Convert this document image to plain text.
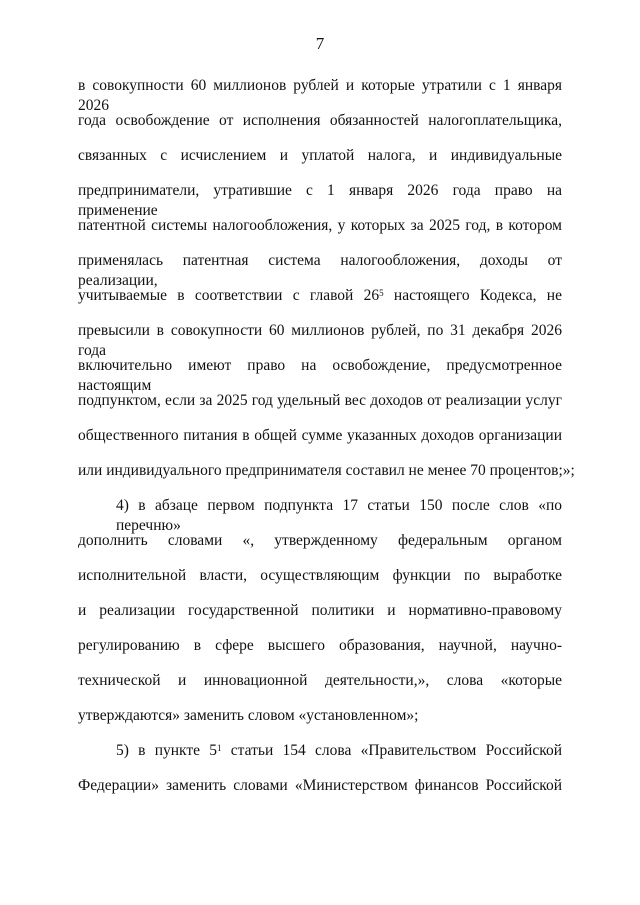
7
в совокупности 60 миллионов рублей и которые утратили с 1 января 2026
года освобождение от исполнения обязанностей налогоплательщика,
связанных с исчислением и уплатой налога, и индивидуальные
предприниматели, утратившие с 1 января 2026 года право на применение
патентной системы налогообложения, у которых за 2025 год, в котором
применялась патентная система налогообложения, доходы от реализации,
учитываемые в соответствии с главой $26^5$ настоящего Кодекса, не
превысили в совокупности 60 миллионов рублей, по 31 декабря 2026 года
включительно имеют право на освобождение, предусмотренное настоящим
подпунктом, если за 2025 год удельный вес доходов от реализации услуг
общественного питания в общей сумме указанных доходов организации
или индивидуального предпринимателя составил не менее 70 процентов;»;
4) в абзаце первом подпункта 17 статьи 150 после слов «по перечню»
дополнить словами «, утвержденному федеральным органом
исполнительной власти, осуществляющим функции по выработке
и реализации государственной политики и нормативно-правовому
регулированию в сфере высшего образования, научной, научно-
технической и инновационной деятельности,», слова «которые
утверждаются» заменить словом «установленном»;
5) в пункте $5^1$ статьи 154 слова «Правительством Российской
Федерации» заменить словами «Министерством финансов Российской
